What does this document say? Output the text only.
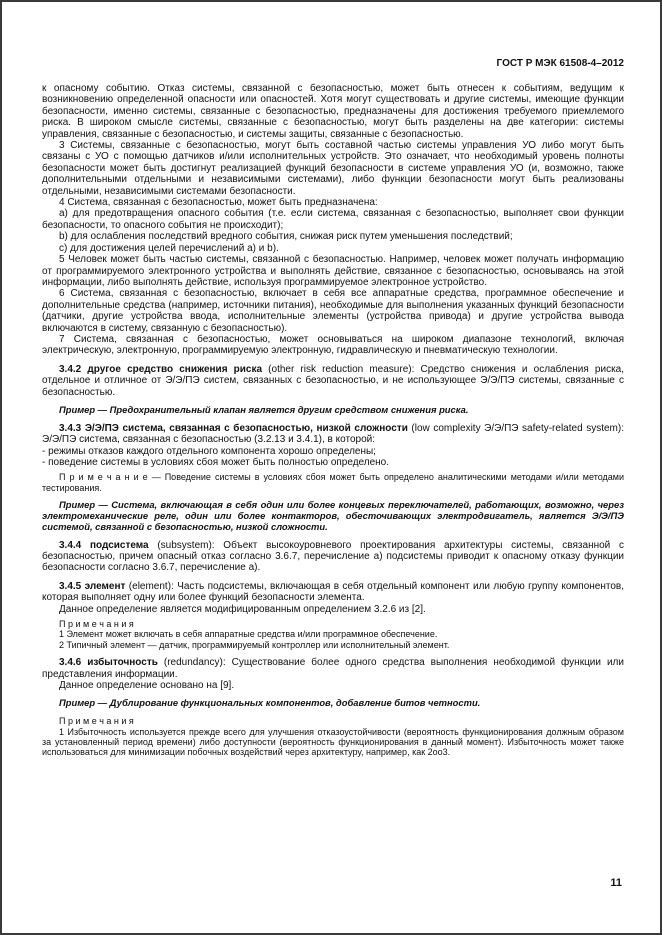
ГОСТ Р МЭК 61508-4–2012

к опасному событию. Отказ системы, связанной с безопасностью, может быть отнесен к событиям, ведущим к возникновению определенной опасности или опасностей. Хотя могут существовать и другие системы, имеющие функции безопасности, именно системы, связанные с безопасностью, предназначены для достижения требуемого приемлемого риска. В широком смысле системы, связанные с безопасностью, могут быть разделены на две категории: системы управления, связанные с безопасностью, и системы защиты, связанные с безопасностью.

3 Системы, связанные с безопасностью, могут быть составной частью системы управления УО либо могут быть связаны с УО с помощью датчиков и/или исполнительных устройств. Это означает, что необходимый уровень полноты безопасности может быть достигнут реализацией функций безопасности в системе управления УО (и, возможно, также дополнительными отдельными и независимыми системами), либо функции безопасности могут быть реализованы отдельными, независимыми системами безопасности.

4 Система, связанная с безопасностью, может быть предназначена:

а) для предотвращения опасного события (т.е. если система, связанная с безопасностью, выполняет свои функции безопасности, то опасного события не происходит);

b) для ослабления последствий вредного события, снижая риск путем уменьшения последствий;

c) для достижения целей перечислений а) и b).

5 Человек может быть частью системы, связанной с безопасностью. Например, человек может получать информацию от программируемого электронного устройства и выполнять действие, связанное с безопасностью, основываясь на этой информации, либо выполнять действие, используя программируемое электронное устройство.

6 Система, связанная с безопасностью, включает в себя все аппаратные средства, программное обеспечение и дополнительные средства (например, источники питания), необходимые для выполнения указанных функций безопасности (датчики, другие устройства ввода, исполнительные элементы (устройства привода) и другие устройства вывода включаются в систему, связанную с безопасностью).

7 Система, связанная с безопасностью, может основываться на широком диапазоне технологий, включая электрическую, электронную, программируемую электронную, гидравлическую и пневматическую технологии.

3.4.2 другое средство снижения риска (other risk reduction measure): Средство снижения и ослабления риска, отдельное и отличное от Э/Э/ПЭ систем, связанных с безопасностью, и не использующее Э/Э/ПЭ системы, связанные с безопасностью.

Пример — Предохранительный клапан является другим средством снижения риска.

3.4.3 Э/Э/ПЭ система, связанная с безопасностью, низкой сложности (low complexity Э/Э/ПЭ safety-related system): Э/Э/ПЭ система, связанная с безопасностью (3.2.13 и 3.4.1), в которой:

- режимы отказов каждого отдельного компонента хорошо определены;

- поведение системы в условиях сбоя может быть полностью определено.

П р и м е ч а н и е — Поведение системы в условиях сбоя может быть определено аналитическими методами и/или методами тестирования.

Пример — Система, включающая в себя один или более концевых переключателей, работающих, возможно, через электромеханические реле, один или более контакторов, обесточивающих электродвигатель, является Э/Э/ПЭ системой, связанной с безопасностью, низкой сложности.

3.4.4 подсистема (subsystem): Объект высокоуровневого проектирования архитектуры системы, связанной с безопасностью, причем опасный отказ согласно 3.6.7, перечисление а) подсистемы приводит к опасному отказу функции безопасности согласно 3.6.7, перечисление а).

3.4.5 элемент (element): Часть подсистемы, включающая в себя отдельный компонент или любую группу компонентов, которая выполняет одну или более функций безопасности элемента.

Данное определение является модифицированным определением 3.2.6 из [2].

П р и м е ч а н и я

1 Элемент может включать в себя аппаратные средства и/или программное обеспечение.

2 Типичный элемент — датчик, программируемый контроллер или исполнительный элемент.

3.4.6 избыточность (redundancy): Существование более одного средства выполнения необходимой функции или представления информации.

Данное определение основано на [9].

Пример — Дублирование функциональных компонентов, добавление битов четности.

П р и м е ч а н и я

1 Избыточность используется прежде всего для улучшения отказоустойчивости (вероятность функционирования должным образом за установленный период времени) либо доступности (вероятность функционирования в данный момент). Избыточность может также использоваться для минимизации побочных воздействий через архитектуру, например, как 2оо3.

11
